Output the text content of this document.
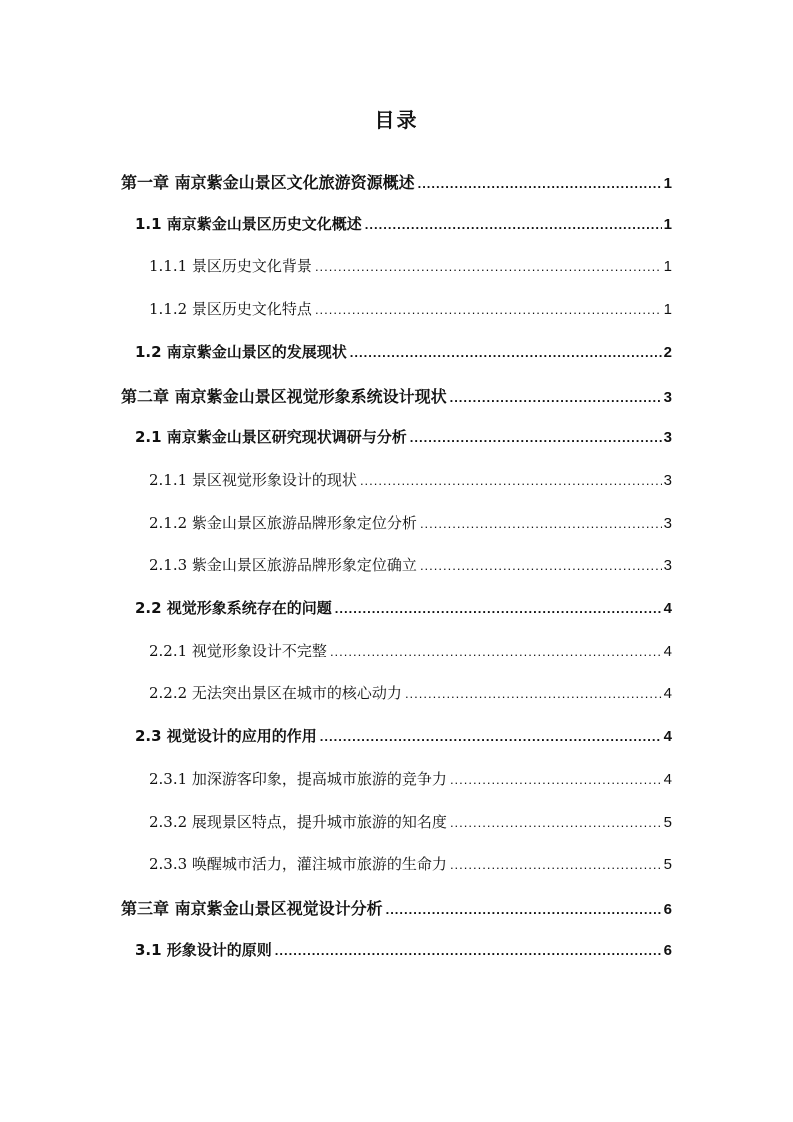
目录
第一章 南京紫金山景区文化旅游资源概述 .....	1
1.1 南京紫金山景区历史文化概述 .....	1
1.1.1 景区历史文化背景 .....	1
1.1.2 景区历史文化特点 .....	1
1.2 南京紫金山景区的发展现状 .....	2
第二章 南京紫金山景区视觉形象系统设计现状 .....	3
2.1 南京紫金山景区研究现状调研与分析 .....	3
2.1.1 景区视觉形象设计的现状 .....	3
2.1.2 紫金山景区旅游品牌形象定位分析 .....	3
2.1.3 紫金山景区旅游品牌形象定位确立 .....	3
2.2 视觉形象系统存在的问题 .....	4
2.2.1 视觉形象设计不完整 .....	4
2.2.2 无法突出景区在城市的核心动力 .....	4
2.3 视觉设计的应用的作用 .....	4
2.3.1 加深游客印象，提高城市旅游的竞争力 .....	4
2.3.2 展现景区特点，提升城市旅游的知名度 .....	5
2.3.3 唤醒城市活力，灌注城市旅游的生命力 .....	5
第三章 南京紫金山景区视觉设计分析 .....	6
3.1 形象设计的原则 .....	6
